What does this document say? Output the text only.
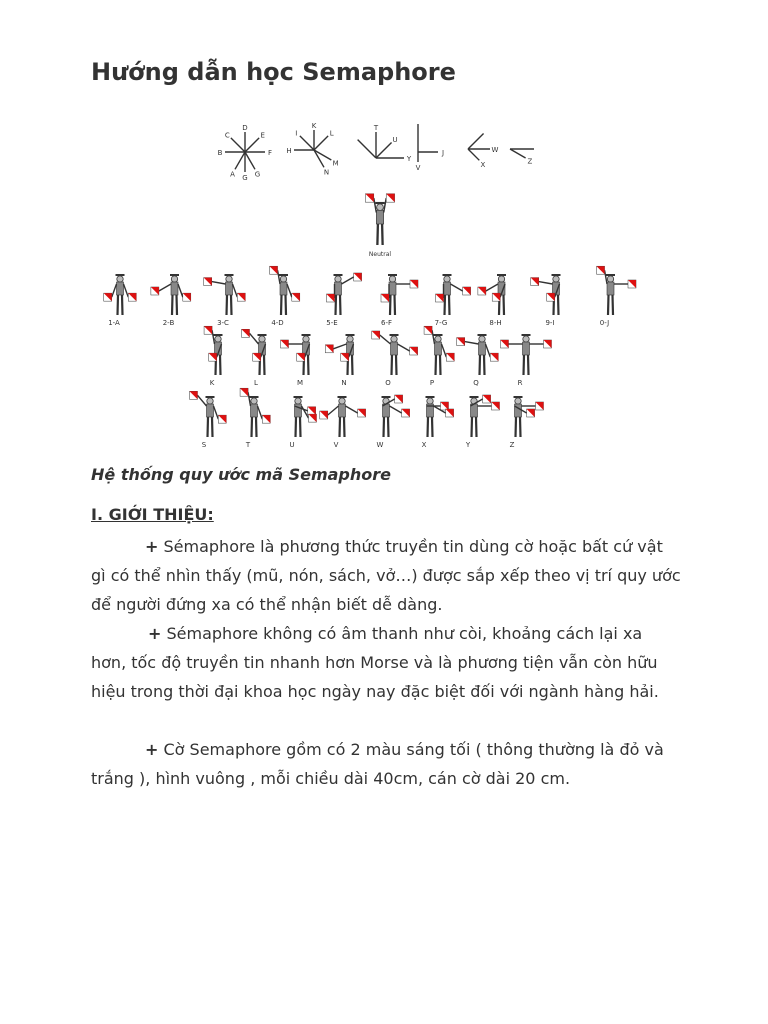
Hướng dẫn học Semaphore
A
B
C
D
E
F
G
G
H
I
K
L
M
N
T
U
Y
J
V
W
X	Z
Neutral
1-A	2-B	3-C	4-D	5-E	6-F	7-G	8-H	9-I	0-J
K	L	M	N	O	P	Q	R
S	T	U	V	W	X	Y	Z
Hệ thống quy ước mã Semaphore
I. GIỚI THIỆU:

+ Sémaphore là phương thức truyền tin dùng cờ hoặc bất cứ vật gì có thể nhìn thấy (mũ, nón, sách, vở…) được sắp xếp theo vị trí quy ước để người đứng xa có thể nhận biết dễ dàng.

+ Sémaphore không có âm thanh như còi, khoảng cách lại xa hơn, tốc độ truyền tin nhanh hơn Morse và là phương tiện vẫn còn hữu hiệu trong thời đại khoa học ngày nay đặc biệt đối với ngành hàng hải.

+ Cờ Semaphore gồm có 2 màu sáng tối ( thông thường là đỏ và trắng ), hình vuông , mỗi chiều dài 40cm, cán cờ dài 20 cm.
